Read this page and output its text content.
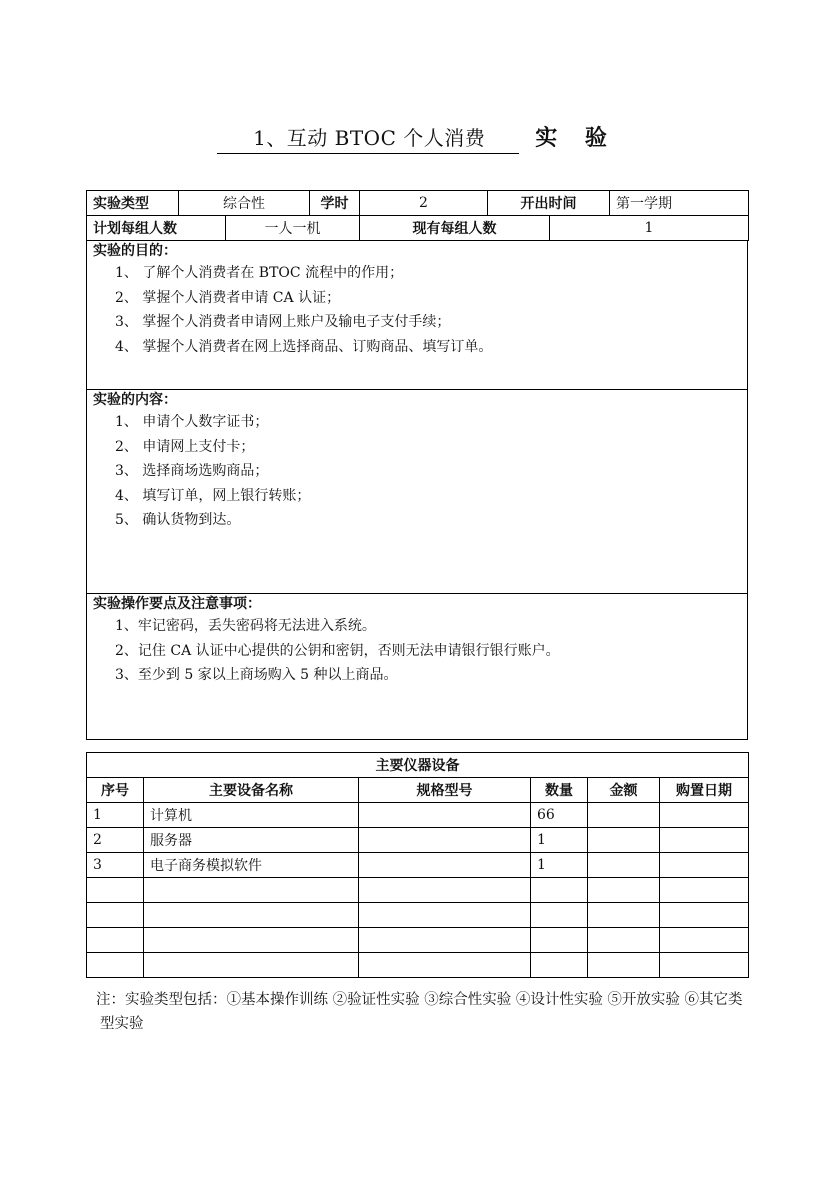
1、互动 BTOC 个人消费 实 验
实验类型	综合性		学时	2	开出时间		第一学期
计划每组人数		一人一机		现有每组人数		1	
实验的目的：
1、 了解个人消费者在 BTOC 流程中的作用；
2、 掌握个人消费者申请 CA 认证；
3、 掌握个人消费者申请网上账户及输电子支付手续；
4、 掌握个人消费者在网上选择商品、订购商品、填写订单。

实验的内容：
1、 申请个人数字证书；
2、 申请网上支付卡；
3、 选择商场选购商品；
4、 填写订单，网上银行转账；
5、 确认货物到达。

实验操作要点及注意事项：
1、牢记密码，丢失密码将无法进入系统。
2、记住 CA 认证中心提供的公钥和密钥，否则无法申请银行银行账户。
3、至少到 5 家以上商场购入 5 种以上商品。
主要仪器设备					
序号	主要设备名称	规格型号	数量	金额	购置日期
1	计算机		66		
2	服务器		1		
3	电子商务模拟软件		1		

注：实验类型包括：①基本操作训练 ②验证性实验 ③综合性实验 ④设计性实验 ⑤开放实验 ⑥其它类型实验
